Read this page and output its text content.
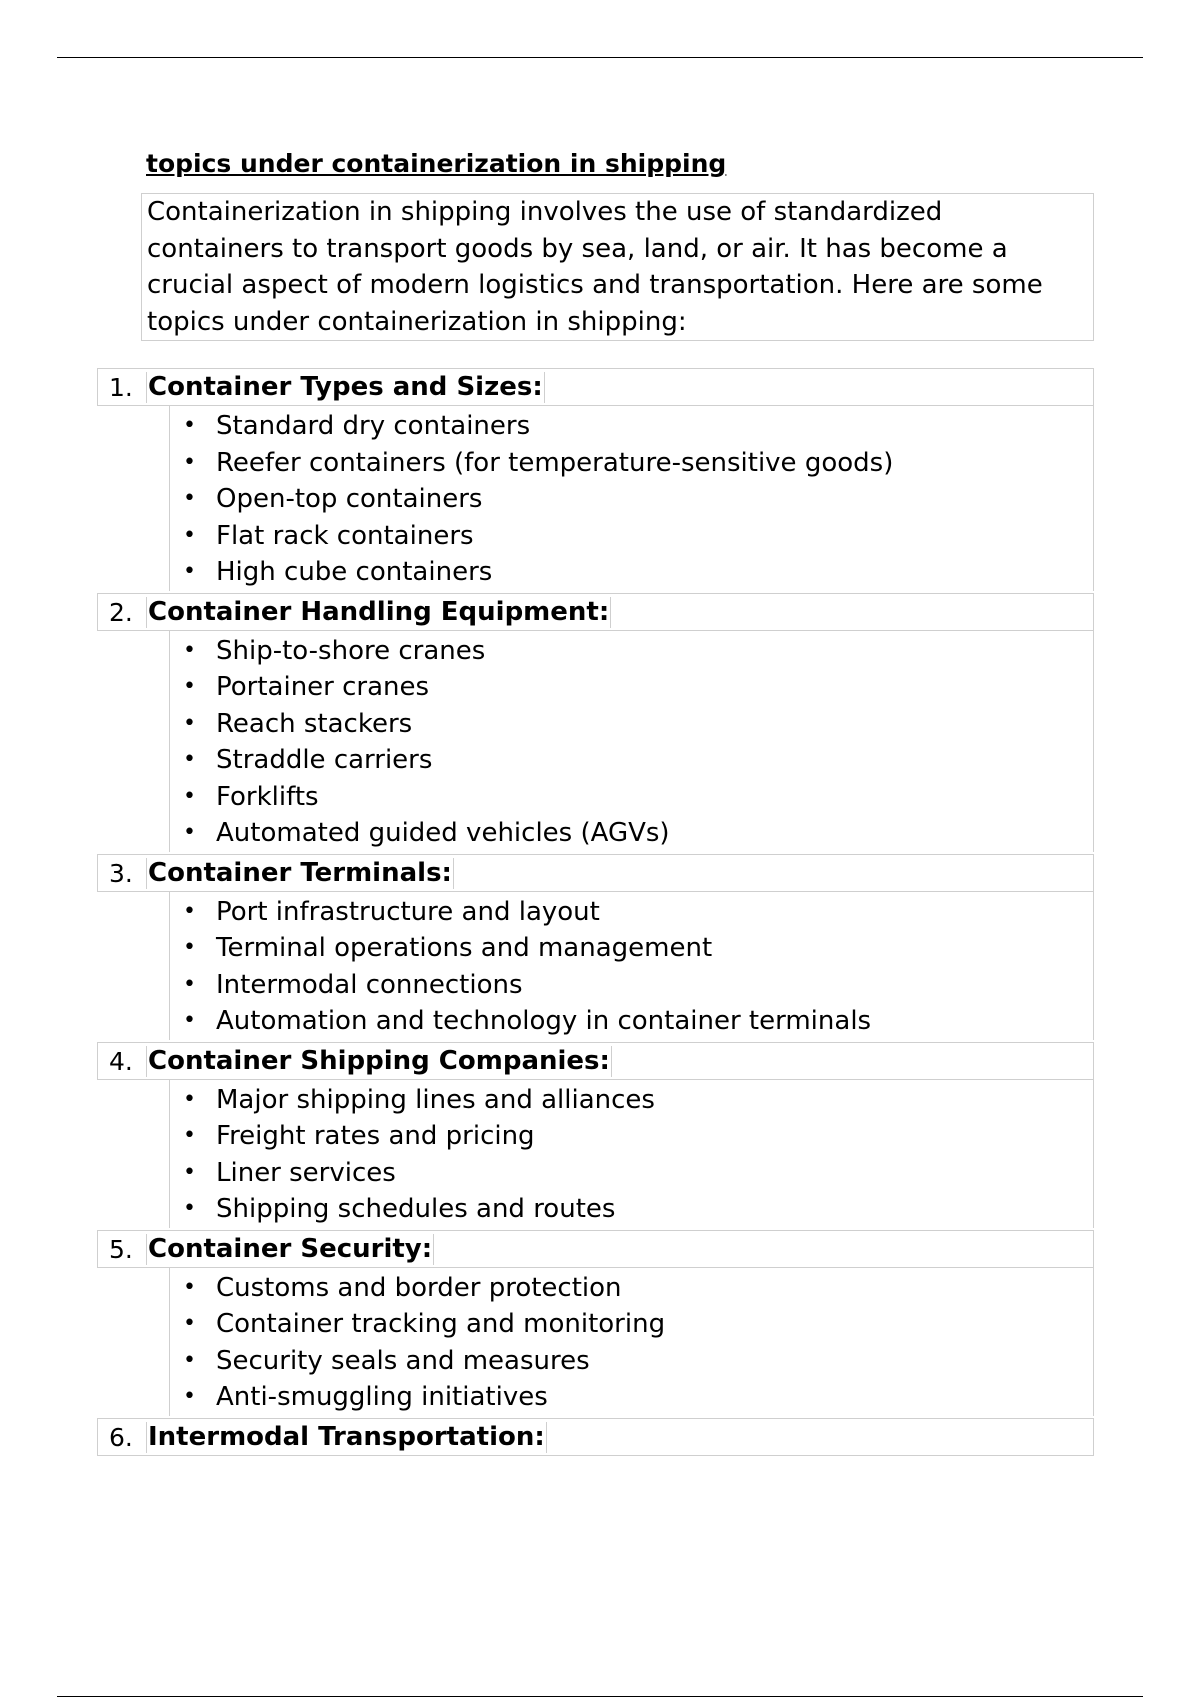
topics under containerization in shipping
Containerization in shipping involves the use of standardized containers to transport goods by sea, land, or air. It has become a crucial aspect of modern logistics and transportation. Here are some topics under containerization in shipping:
1. Container Types and Sizes:
• Standard dry containers
• Reefer containers (for temperature-sensitive goods)
• Open-top containers
• Flat rack containers
• High cube containers
2. Container Handling Equipment:
• Ship-to-shore cranes
• Portainer cranes
• Reach stackers
• Straddle carriers
• Forklifts
• Automated guided vehicles (AGVs)
3. Container Terminals:
• Port infrastructure and layout
• Terminal operations and management
• Intermodal connections
• Automation and technology in container terminals
4. Container Shipping Companies:
• Major shipping lines and alliances
• Freight rates and pricing
• Liner services
• Shipping schedules and routes
5. Container Security:
• Customs and border protection
• Container tracking and monitoring
• Security seals and measures
• Anti-smuggling initiatives
6. Intermodal Transportation:
